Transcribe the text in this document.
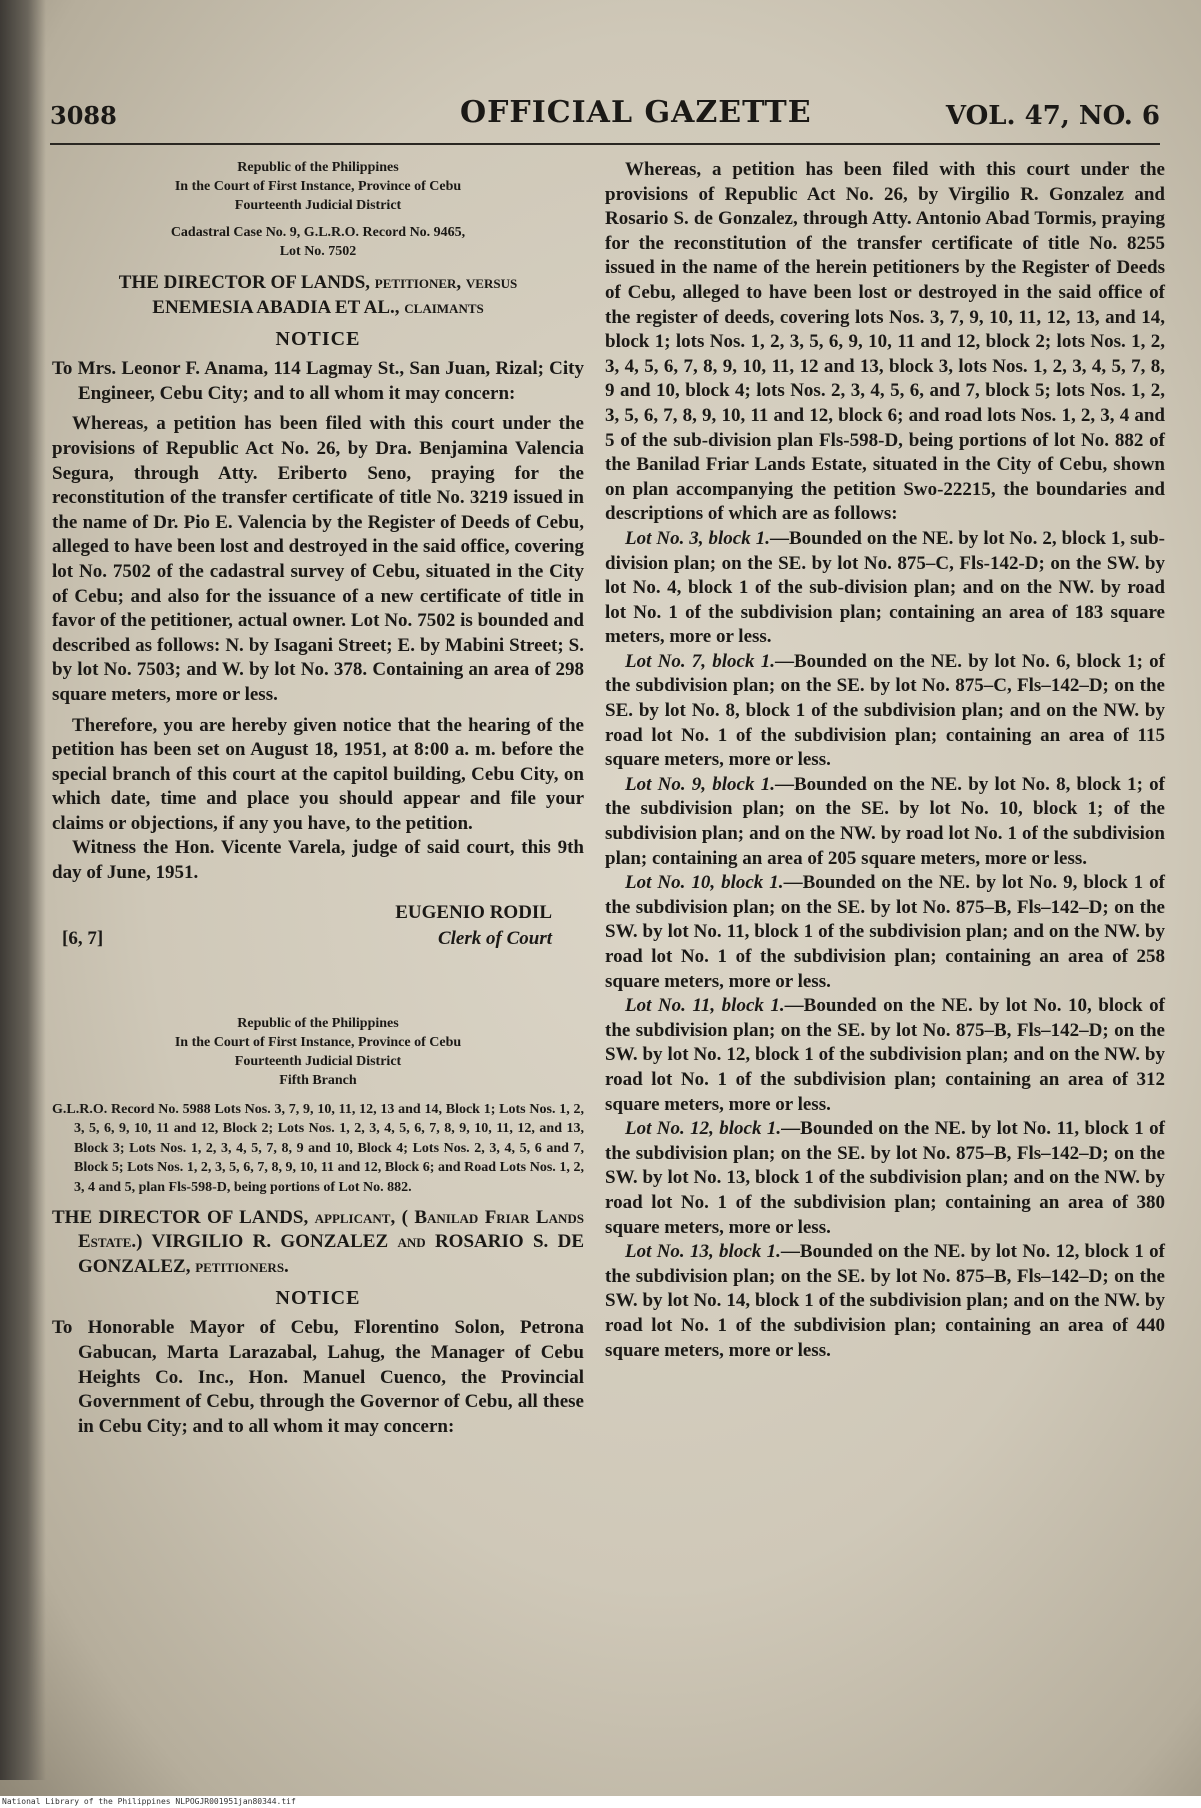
3088	OFFICIAL GAZETTE	VOL. 47, NO. 6

Republic of the Philippines

In the Court of First Instance, Province of Cebu

Fourteenth Judicial District

Cadastral Case No. 9, G.L.R.O. Record No. 9465,

Lot No. 7502

THE DIRECTOR OF LANDS, petitioner, versus

ENEMESIA ABADIA ET AL., claimants

NOTICE

To Mrs. Leonor F. Anama, 114 Lagmay St., San Juan, Rizal; City Engineer, Cebu City; and to all whom it may concern:

Whereas, a petition has been filed with this court under the provisions of Republic Act No. 26, by Dra. Benjamina Valencia Segura, through Atty. Eriberto Seno, praying for the reconstitution of the transfer certificate of title No. 3219 issued in the name of Dr. Pio E. Valencia by the Register of Deeds of Cebu, alleged to have been lost and destroyed in the said office, covering lot No. 7502 of the cadastral survey of Cebu, situated in the City of Cebu; and also for the issuance of a new certificate of title in favor of the petitioner, actual owner. Lot No. 7502 is bounded and described as follows: N. by Isagani Street; E. by Mabini Street; S. by lot No. 7503; and W. by lot No. 378. Containing an area of 298 square meters, more or less.

Therefore, you are hereby given notice that the hearing of the petition has been set on August 18, 1951, at 8:00 a. m. before the special branch of this court at the capitol building, Cebu City, on which date, time and place you should appear and file your claims or objections, if any you have, to the petition.

Witness the Hon. Vicente Varela, judge of said court, this 9th day of June, 1951.

EUGENIO RODIL
Clerk of Court
[6, 7]

Republic of the Philippines

In the Court of First Instance, Province of Cebu

Fourteenth Judicial District

Fifth Branch

G.L.R.O. Record No. 5988 Lots Nos. 3, 7, 9, 10, 11, 12, 13 and 14, Block 1; Lots Nos. 1, 2, 3, 5, 6, 9, 10, 11 and 12, Block 2; Lots Nos. 1, 2, 3, 4, 5, 6, 7, 8, 9, 10, 11, 12, and 13, Block 3; Lots Nos. 1, 2, 3, 4, 5, 7, 8, 9 and 10, Block 4; Lots Nos. 2, 3, 4, 5, 6 and 7, Block 5; Lots Nos. 1, 2, 3, 5, 6, 7, 8, 9, 10, 11 and 12, Block 6; and Road Lots Nos. 1, 2, 3, 4 and 5, plan Fls-598-D, being portions of Lot No. 882.

THE DIRECTOR OF LANDS, applicant, ( Banilad Friar Lands Estate.) VIRGILIO R. GONZALEZ and ROSARIO S. DE GONZALEZ, petitioners.

NOTICE

To Honorable Mayor of Cebu, Florentino Solon, Petrona Gabucan, Marta Larazabal, Lahug, the Manager of Cebu Heights Co. Inc., Hon. Manuel Cuenco, the Provincial Government of Cebu, through the Governor of Cebu, all these in Cebu City; and to all whom it may concern:

Whereas, a petition has been filed with this court under the provisions of Republic Act No. 26, by Virgilio R. Gonzalez and Rosario S. de Gonzalez, through Atty. Antonio Abad Tormis, praying for the reconstitution of the transfer certificate of title No. 8255 issued in the name of the herein petitioners by the Register of Deeds of Cebu, alleged to have been lost or destroyed in the said office of the register of deeds, covering lots Nos. 3, 7, 9, 10, 11, 12, 13, and 14, block 1; lots Nos. 1, 2, 3, 5, 6, 9, 10, 11 and 12, block 2; lots Nos. 1, 2, 3, 4, 5, 6, 7, 8, 9, 10, 11, 12 and 13, block 3, lots Nos. 1, 2, 3, 4, 5, 7, 8, 9 and 10, block 4; lots Nos. 2, 3, 4, 5, 6, and 7, block 5; lots Nos. 1, 2, 3, 5, 6, 7, 8, 9, 10, 11 and 12, block 6; and road lots Nos. 1, 2, 3, 4 and 5 of the sub-division plan Fls-598-D, being portions of lot No. 882 of the Banilad Friar Lands Estate, situated in the City of Cebu, shown on plan accompanying the petition Swo-22215, the boundaries and descriptions of which are as follows:

Lot No. 3, block 1.—Bounded on the NE. by lot No. 2, block 1, sub-division plan; on the SE. by lot No. 875–C, Fls-142-D; on the SW. by lot No. 4, block 1 of the sub-division plan; and on the NW. by road lot No. 1 of the subdivision plan; containing an area of 183 square meters, more or less.

Lot No. 7, block 1.—Bounded on the NE. by lot No. 6, block 1; of the subdivision plan; on the SE. by lot No. 875–C, Fls–142–D; on the SE. by lot No. 8, block 1 of the subdivision plan; and on the NW. by road lot No. 1 of the subdivision plan; containing an area of 115 square meters, more or less.

Lot No. 9, block 1.—Bounded on the NE. by lot No. 8, block 1; of the subdivision plan; on the SE. by lot No. 10, block 1; of the subdivision plan; and on the NW. by road lot No. 1 of the subdivision plan; containing an area of 205 square meters, more or less.

Lot No. 10, block 1.—Bounded on the NE. by lot No. 9, block 1 of the subdivision plan; on the SE. by lot No. 875–B, Fls–142–D; on the SW. by lot No. 11, block 1 of the subdivision plan; and on the NW. by road lot No. 1 of the subdivision plan; containing an area of 258 square meters, more or less.

Lot No. 11, block 1.—Bounded on the NE. by lot No. 10, block of the subdivision plan; on the SE. by lot No. 875–B, Fls–142–D; on the SW. by lot No. 12, block 1 of the subdivision plan; and on the NW. by road lot No. 1 of the subdivision plan; containing an area of 312 square meters, more or less.

Lot No. 12, block 1.—Bounded on the NE. by lot No. 11, block 1 of the subdivision plan; on the SE. by lot No. 875–B, Fls–142–D; on the SW. by lot No. 13, block 1 of the subdivision plan; and on the NW. by road lot No. 1 of the subdivision plan; containing an area of 380 square meters, more or less.

Lot No. 13, block 1.—Bounded on the NE. by lot No. 12, block 1 of the subdivision plan; on the SE. by lot No. 875–B, Fls–142–D; on the SW. by lot No. 14, block 1 of the subdivision plan; and on the NW. by road lot No. 1 of the subdivision plan; containing an area of 440 square meters, more or less.

National Library of the Philippines NLPOGJR001951jan80344.tif
